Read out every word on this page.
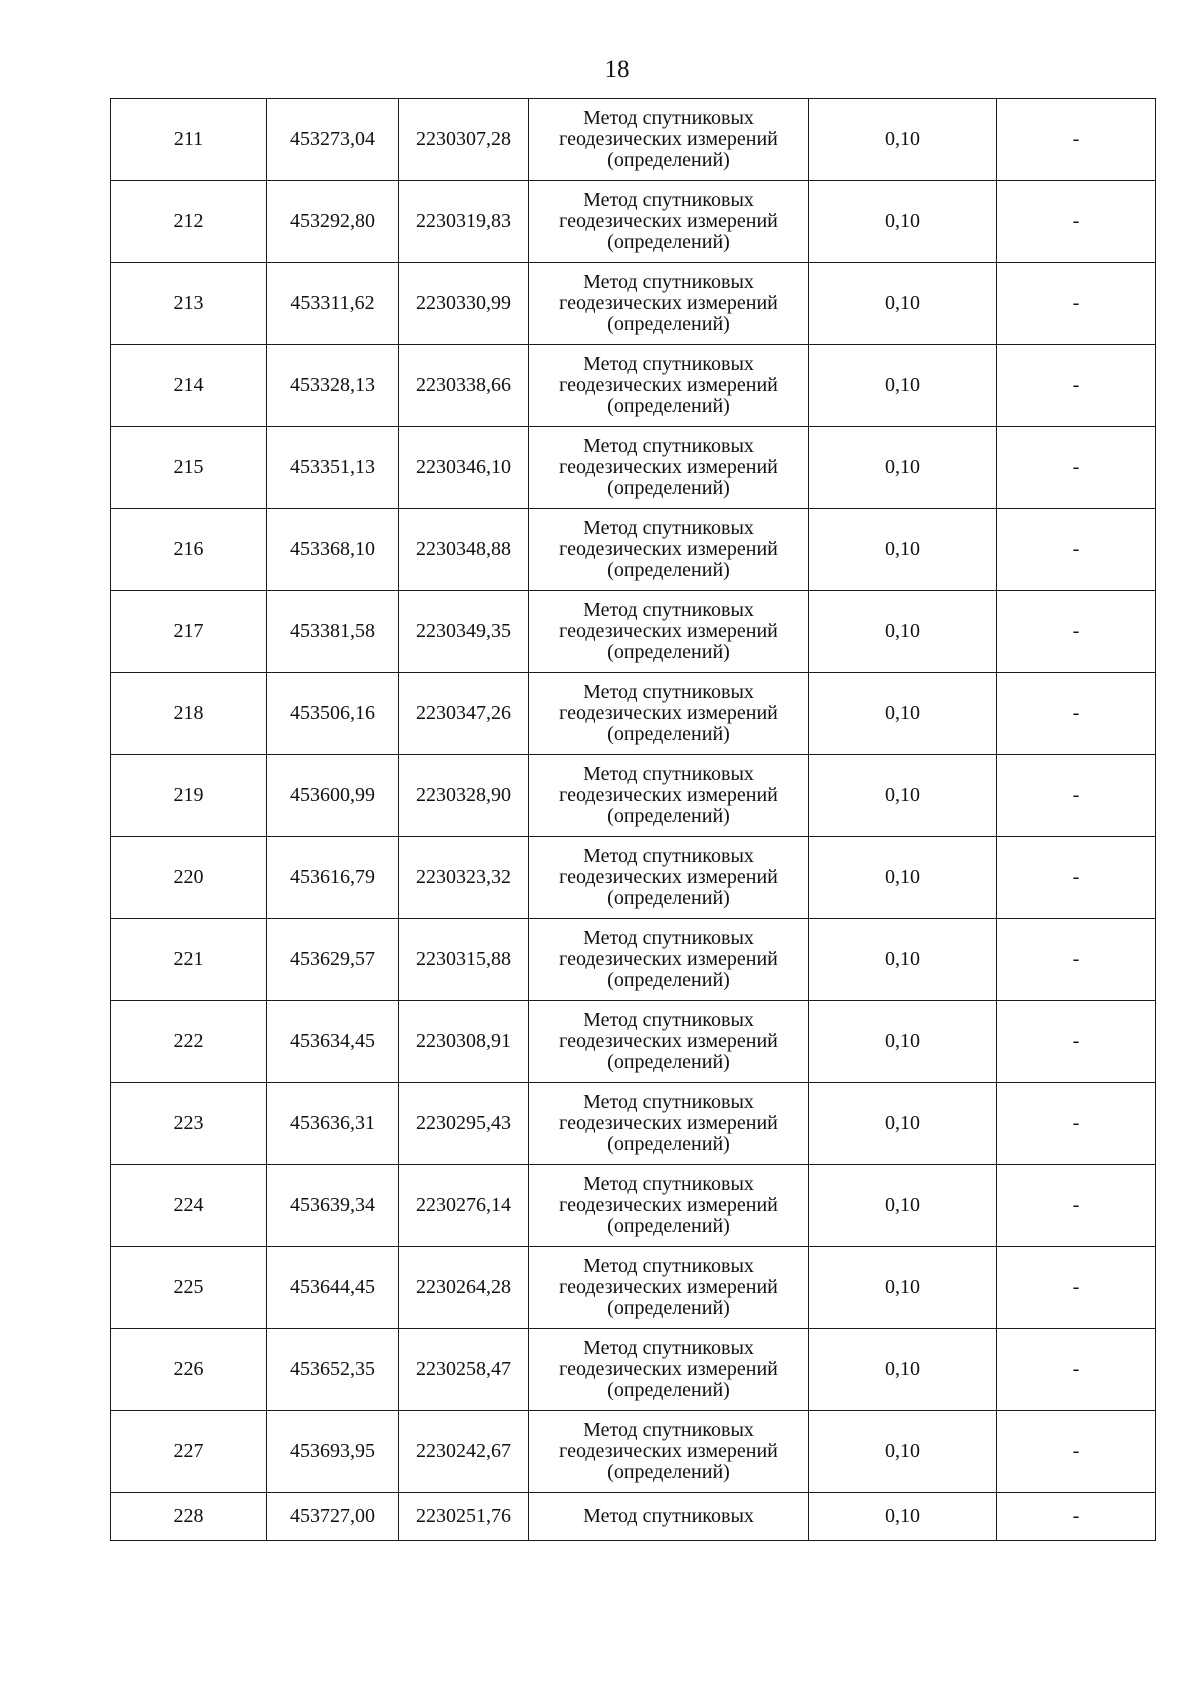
18
211	453273,04	2230307,28	Метод спутниковых
геодезических измерений
(определений)	0,10	-
212	453292,80	2230319,83	Метод спутниковых
геодезических измерений
(определений)	0,10	-
213	453311,62	2230330,99	Метод спутниковых
геодезических измерений
(определений)	0,10	-
214	453328,13	2230338,66	Метод спутниковых
геодезических измерений
(определений)	0,10	-
215	453351,13	2230346,10	Метод спутниковых
геодезических измерений
(определений)	0,10	-
216	453368,10	2230348,88	Метод спутниковых
геодезических измерений
(определений)	0,10	-
217	453381,58	2230349,35	Метод спутниковых
геодезических измерений
(определений)	0,10	-
218	453506,16	2230347,26	Метод спутниковых
геодезических измерений
(определений)	0,10	-
219	453600,99	2230328,90	Метод спутниковых
геодезических измерений
(определений)	0,10	-
220	453616,79	2230323,32	Метод спутниковых
геодезических измерений
(определений)	0,10	-
221	453629,57	2230315,88	Метод спутниковых
геодезических измерений
(определений)	0,10	-
222	453634,45	2230308,91	Метод спутниковых
геодезических измерений
(определений)	0,10	-
223	453636,31	2230295,43	Метод спутниковых
геодезических измерений
(определений)	0,10	-
224	453639,34	2230276,14	Метод спутниковых
геодезических измерений
(определений)	0,10	-
225	453644,45	2230264,28	Метод спутниковых
геодезических измерений
(определений)	0,10	-
226	453652,35	2230258,47	Метод спутниковых
геодезических измерений
(определений)	0,10	-
227	453693,95	2230242,67	Метод спутниковых
геодезических измерений
(определений)	0,10	-
228	453727,00	2230251,76	Метод спутниковых	0,10	-
